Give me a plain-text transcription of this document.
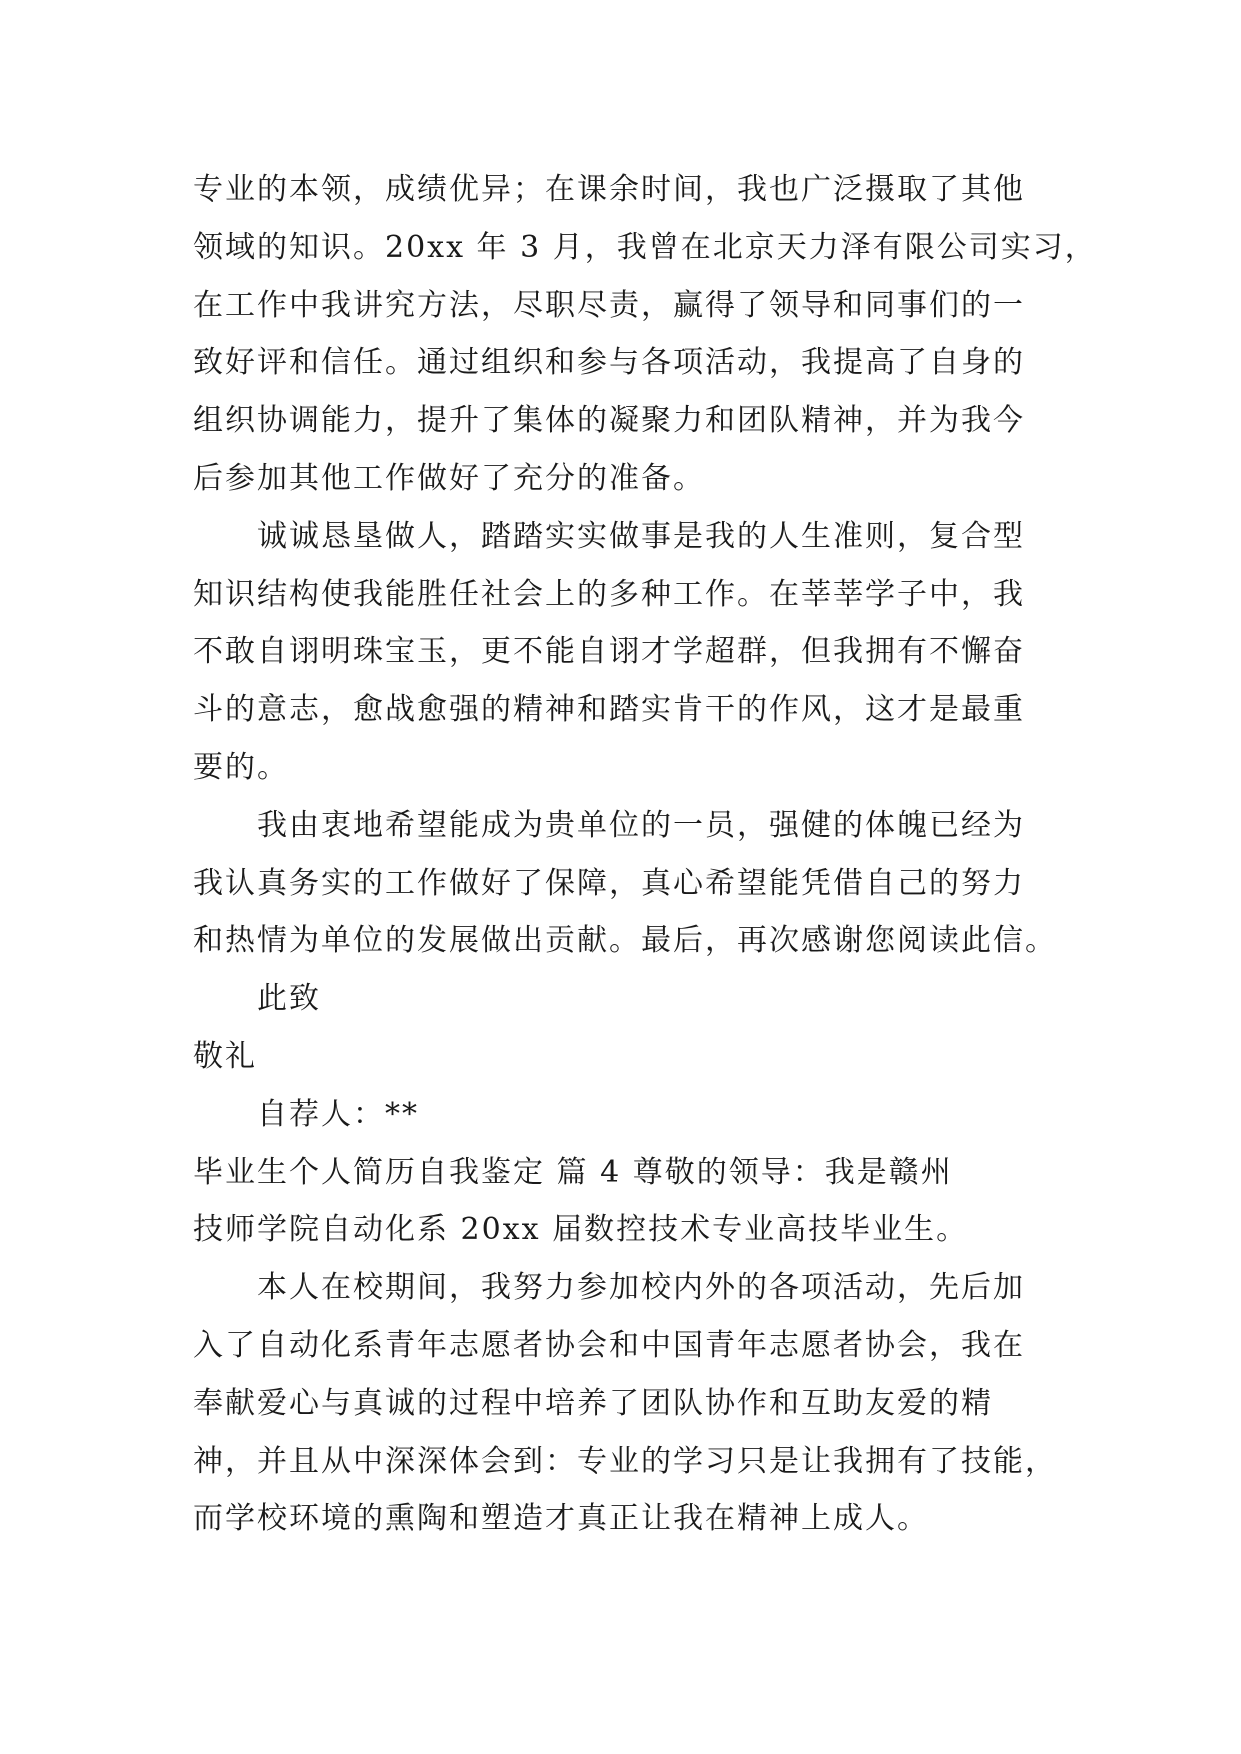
专业的本领，成绩优异；在课余时间，我也广泛摄取了其他
领域的知识。20xx 年 3 月，我曾在北京天力泽有限公司实习，
在工作中我讲究方法，尽职尽责，赢得了领导和同事们的一
致好评和信任。通过组织和参与各项活动，我提高了自身的
组织协调能力，提升了集体的凝聚力和团队精神，并为我今
后参加其他工作做好了充分的准备。
诚诚恳垦做人，踏踏实实做事是我的人生准则，复合型
知识结构使我能胜任社会上的多种工作。在莘莘学子中，我
不敢自诩明珠宝玉，更不能自诩才学超群，但我拥有不懈奋
斗的意志，愈战愈强的精神和踏实肯干的作风，这才是最重
要的。
我由衷地希望能成为贵单位的一员，强健的体魄已经为
我认真务实的工作做好了保障，真心希望能凭借自己的努力
和热情为单位的发展做出贡献。最后，再次感谢您阅读此信。
此致
敬礼
自荐人：**
毕业生个人简历自我鉴定 篇 4 尊敬的领导：我是赣州
技师学院自动化系 20xx 届数控技术专业高技毕业生。
本人在校期间，我努力参加校内外的各项活动，先后加
入了自动化系青年志愿者协会和中国青年志愿者协会，我在
奉献爱心与真诚的过程中培养了团队协作和互助友爱的精
神，并且从中深深体会到：专业的学习只是让我拥有了技能，
而学校环境的熏陶和塑造才真正让我在精神上成人。
